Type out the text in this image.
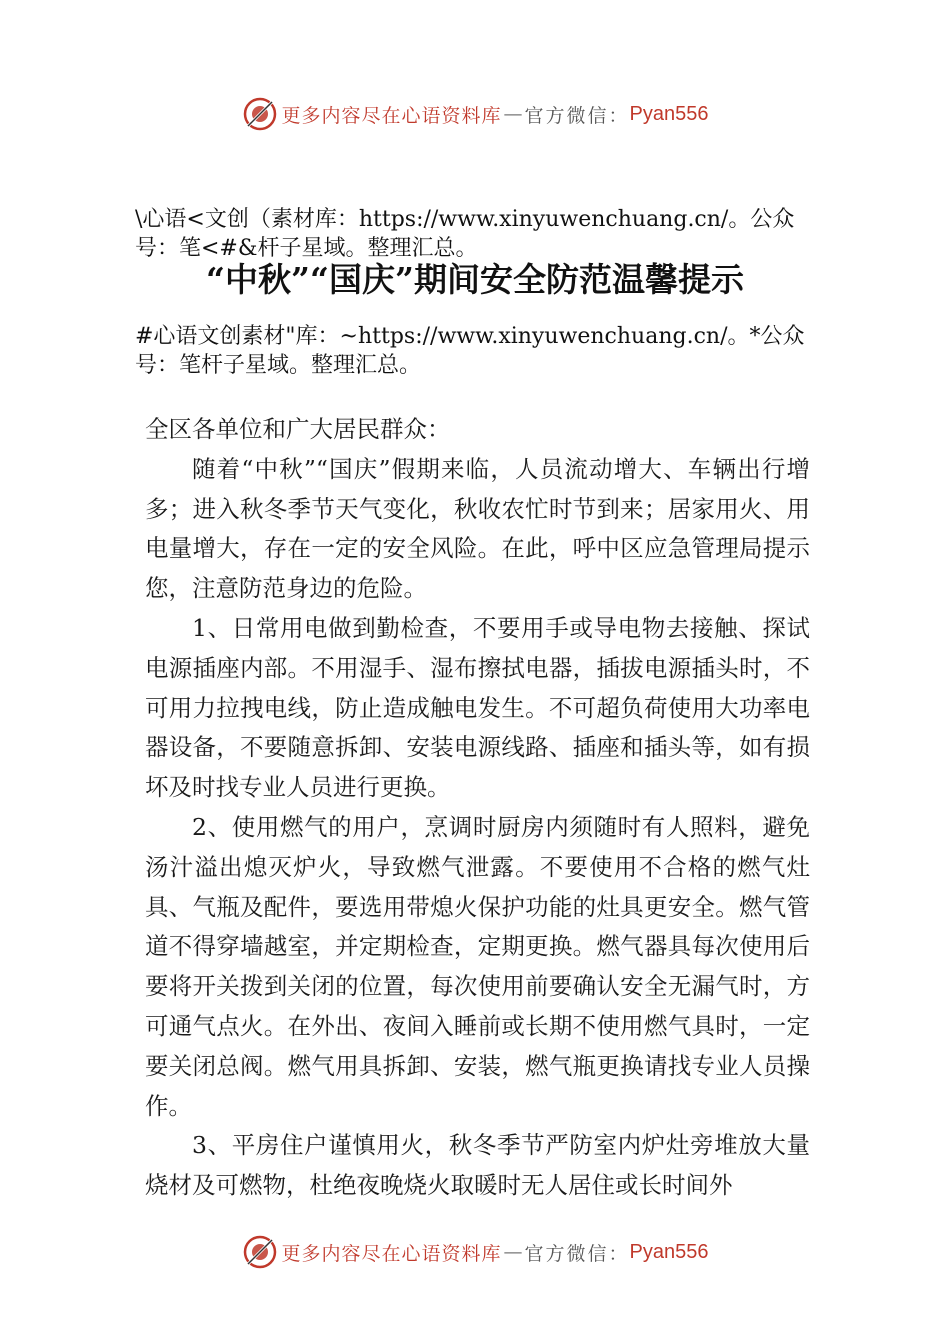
更多内容尽在心语资料库 — 官方微信： Pyan556
\心语<文创（素材库：https://www.xinyuwenchuang.cn/。公众号：笔<#&杆子星域。整理汇总。
“中秋”“国庆”期间安全防范温馨提示
#心语文创素材"库：~https://www.xinyuwenchuang.cn/。*公众号：笔杆子星域。整理汇总。

全区各单位和广大居民群众：

随着“中秋”“国庆”假期来临，人员流动增大、车辆出行增多；进入秋冬季节天气变化，秋收农忙时节到来；居家用火、用电量增大，存在一定的安全风险。在此，呼中区应急管理局提示您，注意防范身边的危险。

1、日常用电做到勤检查，不要用手或导电物去接触、探试电源插座内部。不用湿手、湿布擦拭电器，插拔电源插头时，不可用力拉拽电线，防止造成触电发生。不可超负荷使用大功率电器设备，不要随意拆卸、安装电源线路、插座和插头等，如有损坏及时找专业人员进行更换。

2、使用燃气的用户，烹调时厨房内须随时有人照料，避免汤汁溢出熄灭炉火，导致燃气泄露。不要使用不合格的燃气灶具、气瓶及配件，要选用带熄火保护功能的灶具更安全。燃气管道不得穿墙越室，并定期检查，定期更换。燃气器具每次使用后要将开关拨到关闭的位置，每次使用前要确认安全无漏气时，方可通气点火。在外出、夜间入睡前或长期不使用燃气具时，一定要关闭总阀。燃气用具拆卸、安装，燃气瓶更换请找专业人员操作。

3、平房住户谨慎用火，秋冬季节严防室内炉灶旁堆放大量烧材及可燃物，杜绝夜晚烧火取暖时无人居住或长时间外

更多内容尽在心语资料库 — 官方微信： Pyan556
